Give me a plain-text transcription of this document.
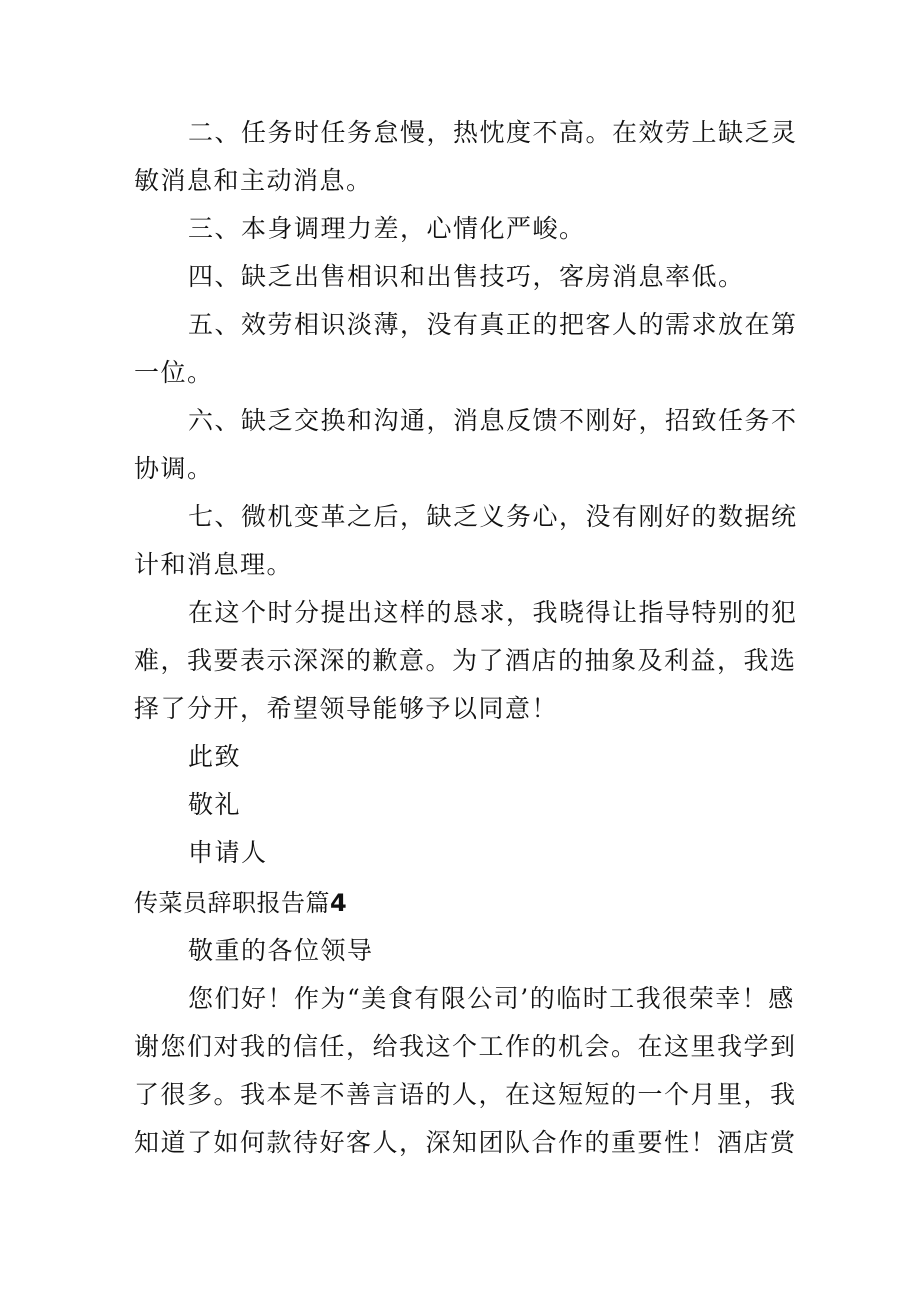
二、任务时任务怠慢，热忱度不高。在效劳上缺乏灵
敏消息和主动消息。
三、本身调理力差，心情化严峻。
四、缺乏出售相识和出售技巧，客房消息率低。
五、效劳相识淡薄，没有真正的把客人的需求放在第
一位。
六、缺乏交换和沟通，消息反馈不刚好，招致任务不
协调。
七、微机变革之后，缺乏义务心，没有刚好的数据统
计和消息理。
在这个时分提出这样的恳求，我晓得让指导特别的犯
难，我要表示深深的歉意。为了酒店的抽象及利益，我选
择了分开，希望领导能够予以同意！
此致
敬礼
申请人
传菜员辞职报告篇4
敬重的各位领导
您们好！作为“美食有限公司’的临时工我很荣幸！感
谢您们对我的信任，给我这个工作的机会。在这里我学到
了很多。我本是不善言语的人，在这短短的一个月里，我
知道了如何款待好客人，深知团队合作的重要性！酒店赏
